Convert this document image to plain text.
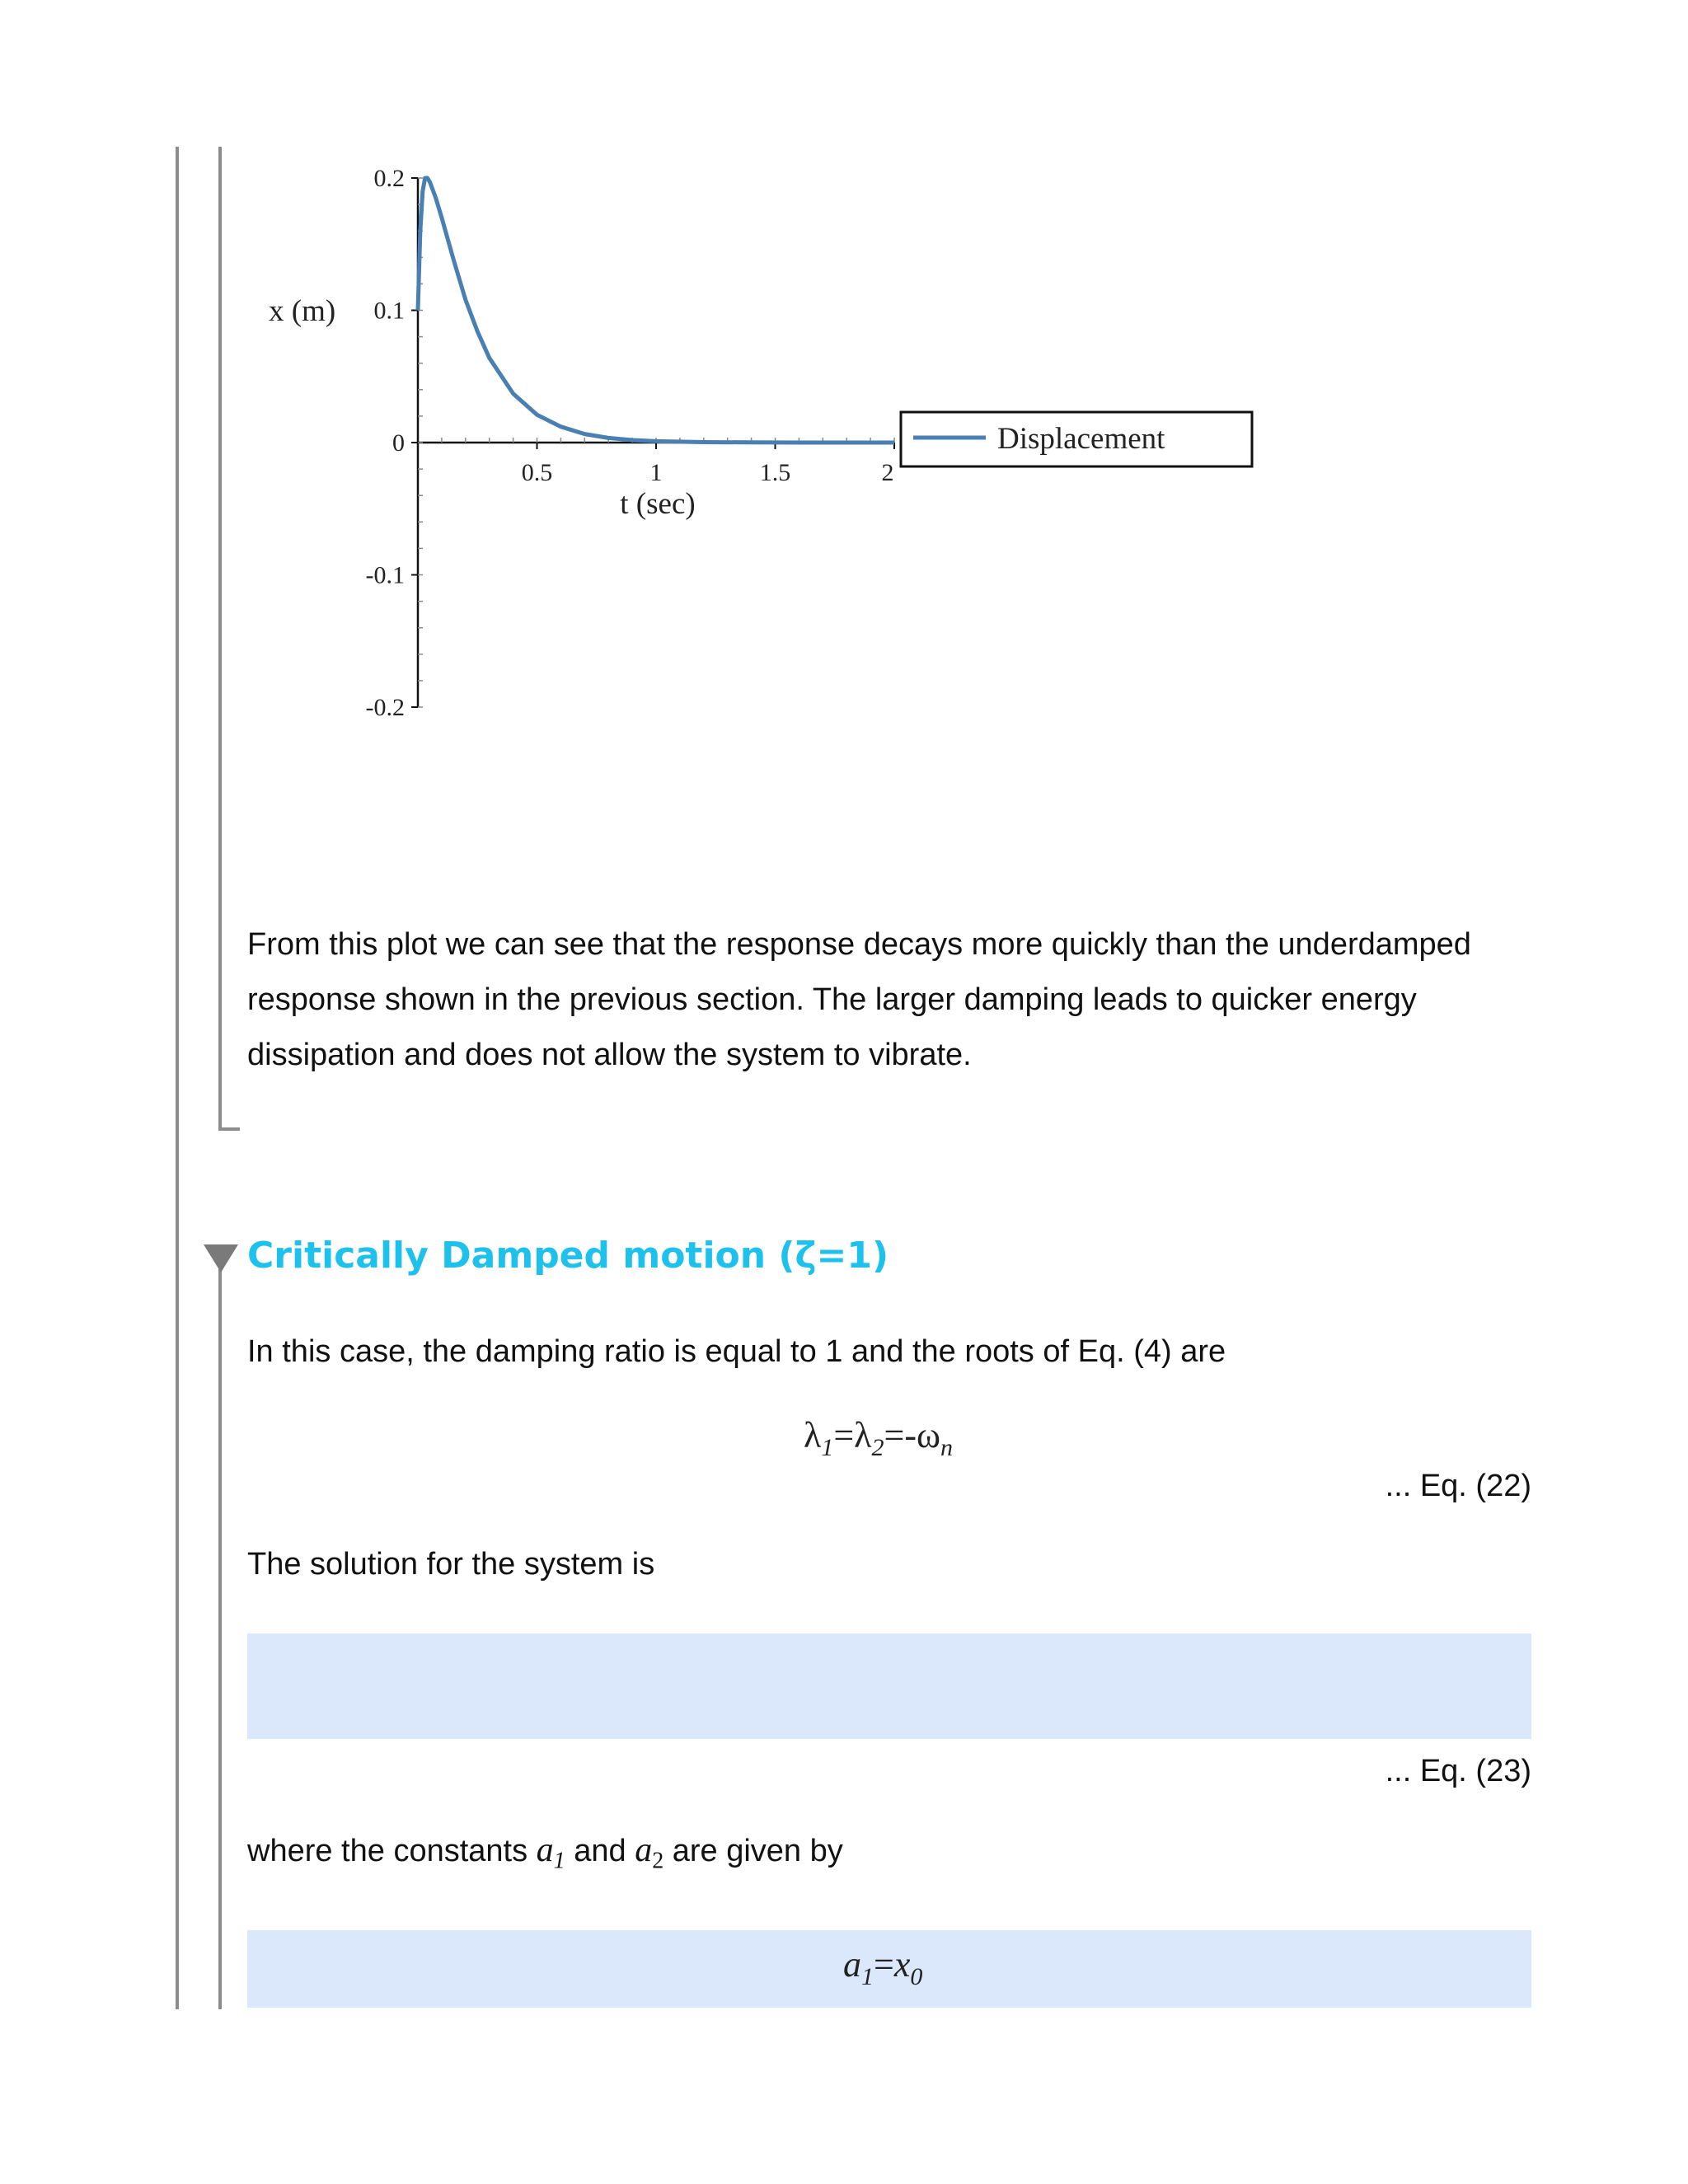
0.2
0.1
0
-0.1
-0.2
0.5	1	1.5	2
x (m)
t (sec)
Displacement
From this plot we can see that the response decays more quickly than the underdamped
response shown in the previous section. The larger damping leads to quicker energy
dissipation and does not allow the system to vibrate.
Critically Damped motion (ζ=1)
In this case, the damping ratio is equal to 1 and the roots of Eq. (4) are
$\lambda_1=\lambda_2=-\omega_n$
... Eq. (22)
The solution for the system is
... Eq. (23)
where the constants $a_1$ and $a_2$ are given by
$a_1=x_0$
